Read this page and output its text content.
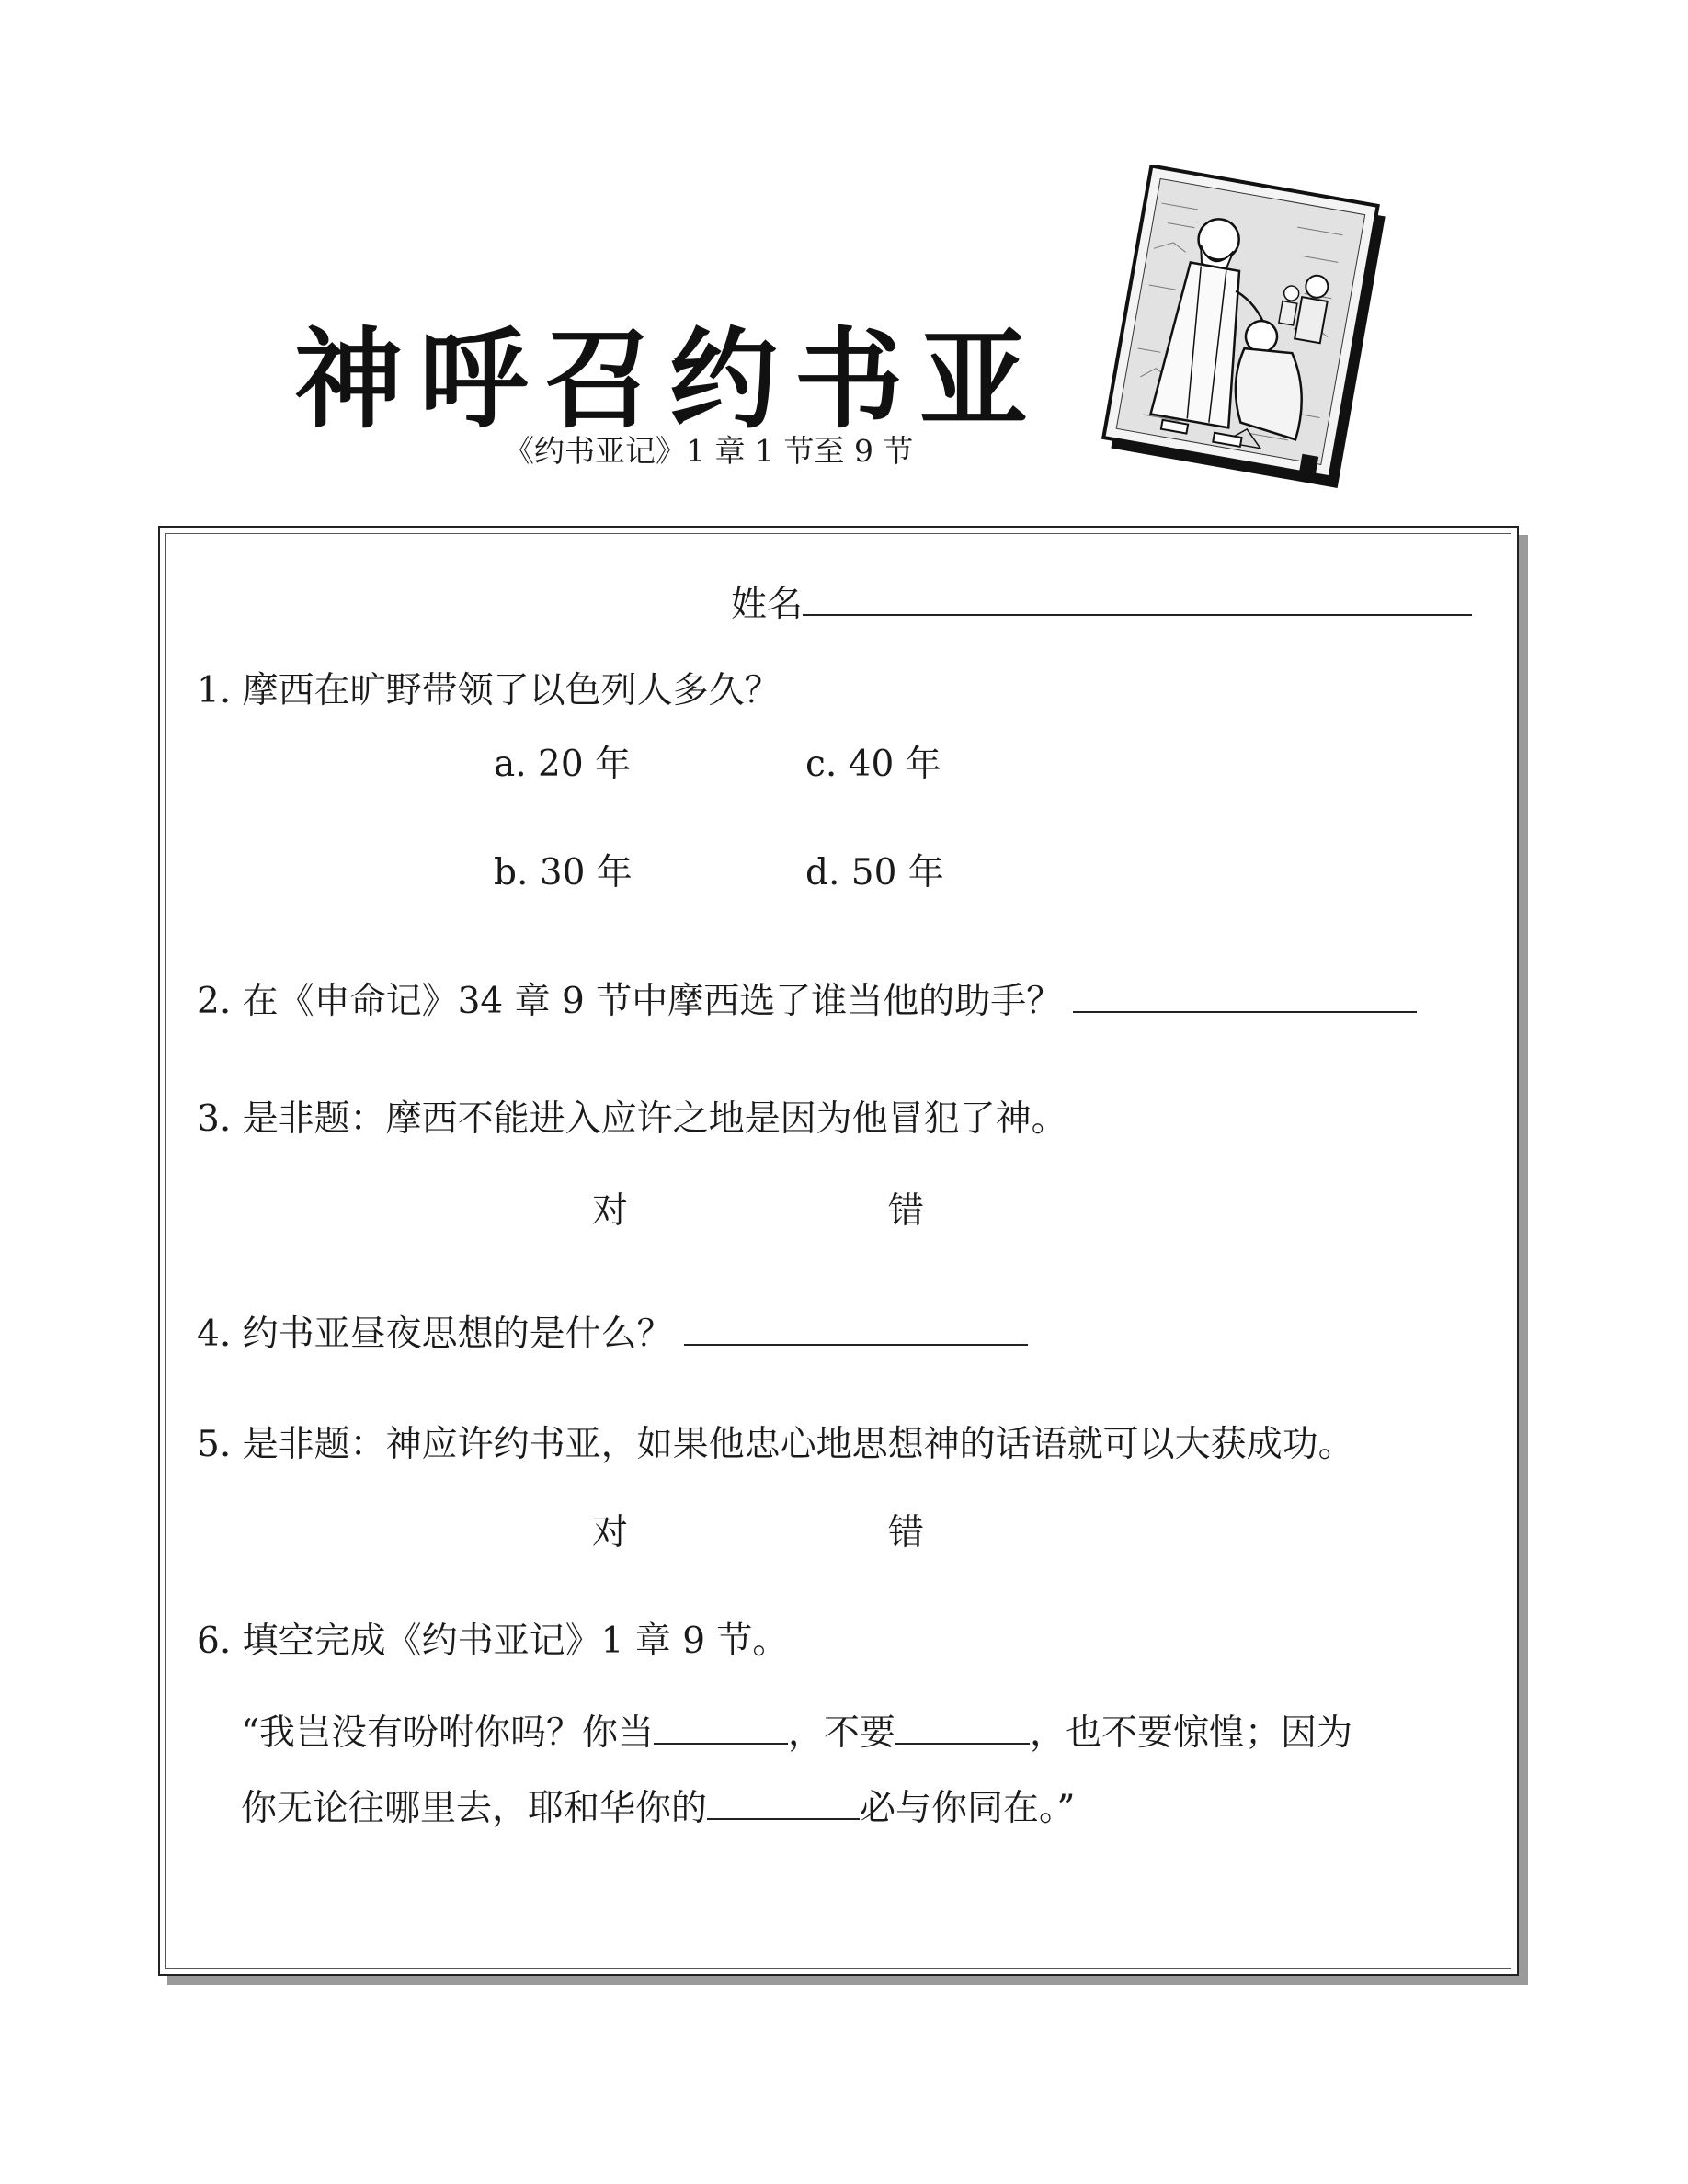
神呼召约书亚
《约书亚记》1 章 1 节至 9 节
姓名
1. 摩西在旷野带领了以色列人多久？
a. 20 年	c. 40 年
b. 30 年	d. 50 年
2. 在《申命记》34 章 9 节中摩西选了谁当他的助手？
3. 是非题：摩西不能进入应许之地是因为他冒犯了神。
对	错
4. 约书亚昼夜思想的是什么？
5. 是非题：神应许约书亚，如果他忠心地思想神的话语就可以大获成功。
对	错
6. 填空完成《约书亚记》1 章 9 节。
“我岂没有吩咐你吗？你当	，不要	，也不要惊惶；因为
你无论往哪里去，耶和华你的	必与你同在。”
